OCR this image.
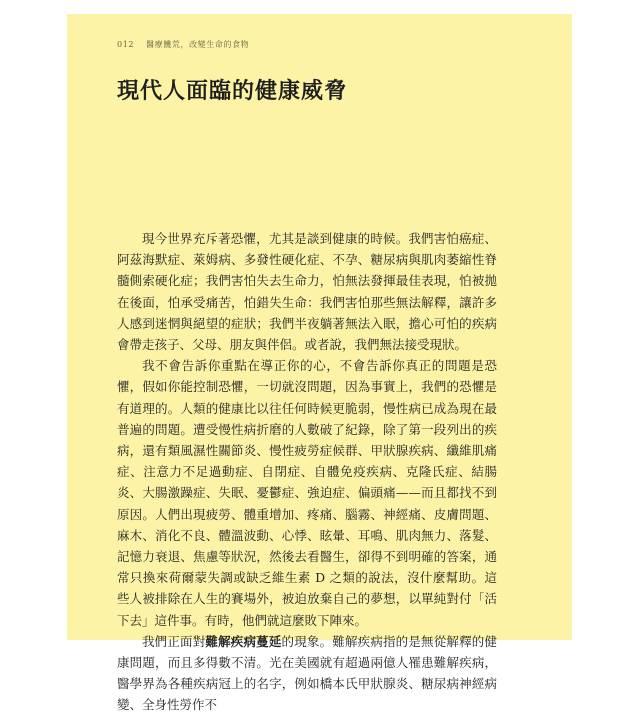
012 醫療饑荒，改變生命的食物
現代人面臨的健康威脅

現今世界充斥著恐懼，尤其是談到健康的時候。我們害怕癌症、阿茲海默症、萊姆病、多發性硬化症、不孕、糖尿病與肌肉萎縮性脊髓側索硬化症；我們害怕失去生命力，怕無法發揮最佳表現，怕被拋在後面，怕承受痛苦，怕錯失生命：我們害怕那些無法解釋，讓許多人感到迷惘與絕望的症狀；我們半夜躺著無法入眠，擔心可怕的疾病會帶走孩子、父母、朋友與伴侶。或者說，我們無法接受現狀。

我不會告訴你重點在導正你的心，不會告訴你真正的問題是恐懼，假如你能控制恐懼，一切就沒問題，因為事實上，我們的恐懼是有道理的。人類的健康比以往任何時候更脆弱，慢性病已成為現在最普遍的問題。遭受慢性病折磨的人數破了紀錄，除了第一段列出的疾病，還有類風濕性關節炎、慢性疲勞症候群、甲狀腺疾病、纖維肌痛症、注意力不足過動症、自閉症、自體免疫疾病、克隆氏症、結腸炎、大腸激躁症、失眠、憂鬱症、強迫症、偏頭痛——而且都找不到原因。人們出現疲勞、體重增加、疼痛、腦霧、神經痛、皮膚問題、麻木、消化不良、體溫波動、心悸、眩暈、耳鳴、肌肉無力、落髮、記憶力衰退、焦慮等狀況，然後去看醫生，卻得不到明確的答案，通常只換來荷爾蒙失調或缺乏維生素 D 之類的說法，沒什麼幫助。這些人被排除在人生的賽場外，被迫放棄自己的夢想，以單純對付「活下去」這件事。有時，他們就這麼敗下陣來。

我們正面對難解疾病蔓延的現象。難解疾病指的是無從解釋的健康問題，而且多得數不清。光在美國就有超過兩億人罹患難解疾病，醫學界為各種疾病冠上的名字，例如橋本氏甲狀腺炎、糖尿病神經病變、全身性勞作不
